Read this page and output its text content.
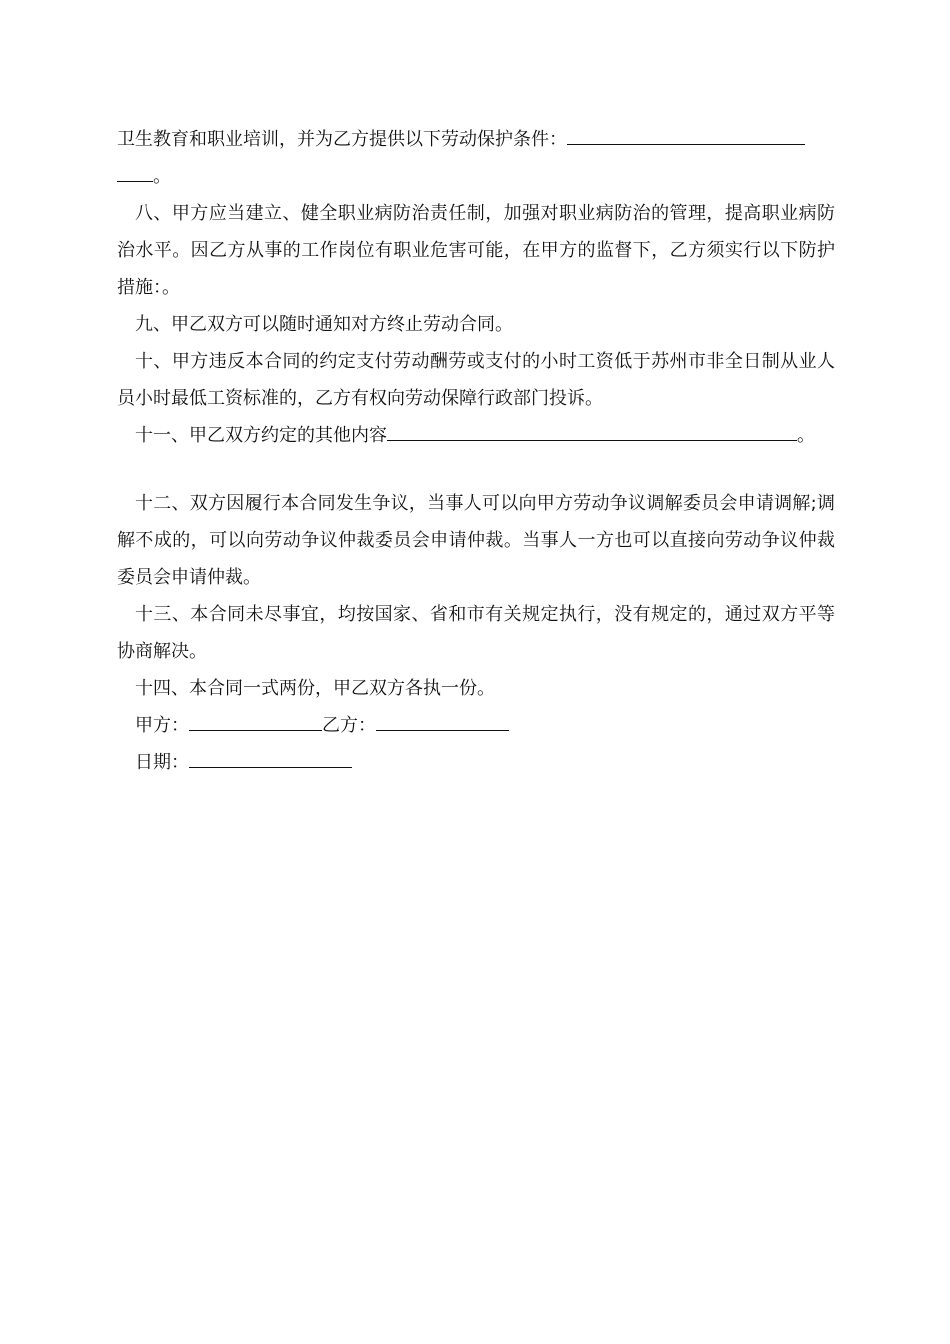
卫生教育和职业培训，并为乙方提供以下劳动保护条件：
。

八、甲方应当建立、健全职业病防治责任制，加强对职业病防治的管理，提高职业病防治水平。因乙方从事的工作岗位有职业危害可能，在甲方的监督下，乙方须实行以下防护措施：。

九、甲乙双方可以随时通知对方终止劳动合同。

十、甲方违反本合同的约定支付劳动酬劳或支付的小时工资低于苏州市非全日制从业人员小时最低工资标准的，乙方有权向劳动保障行政部门投诉。

十一、甲乙双方约定的其他内容	。

十二、双方因履行本合同发生争议，当事人可以向甲方劳动争议调解委员会申请调解;调解不成的，可以向劳动争议仲裁委员会申请仲裁。当事人一方也可以直接向劳动争议仲裁委员会申请仲裁。

十三、本合同未尽事宜，均按国家、省和市有关规定执行，没有规定的，通过双方平等协商解决。

十四、本合同一式两份，甲乙双方各执一份。

甲方：	乙方：

日期：
